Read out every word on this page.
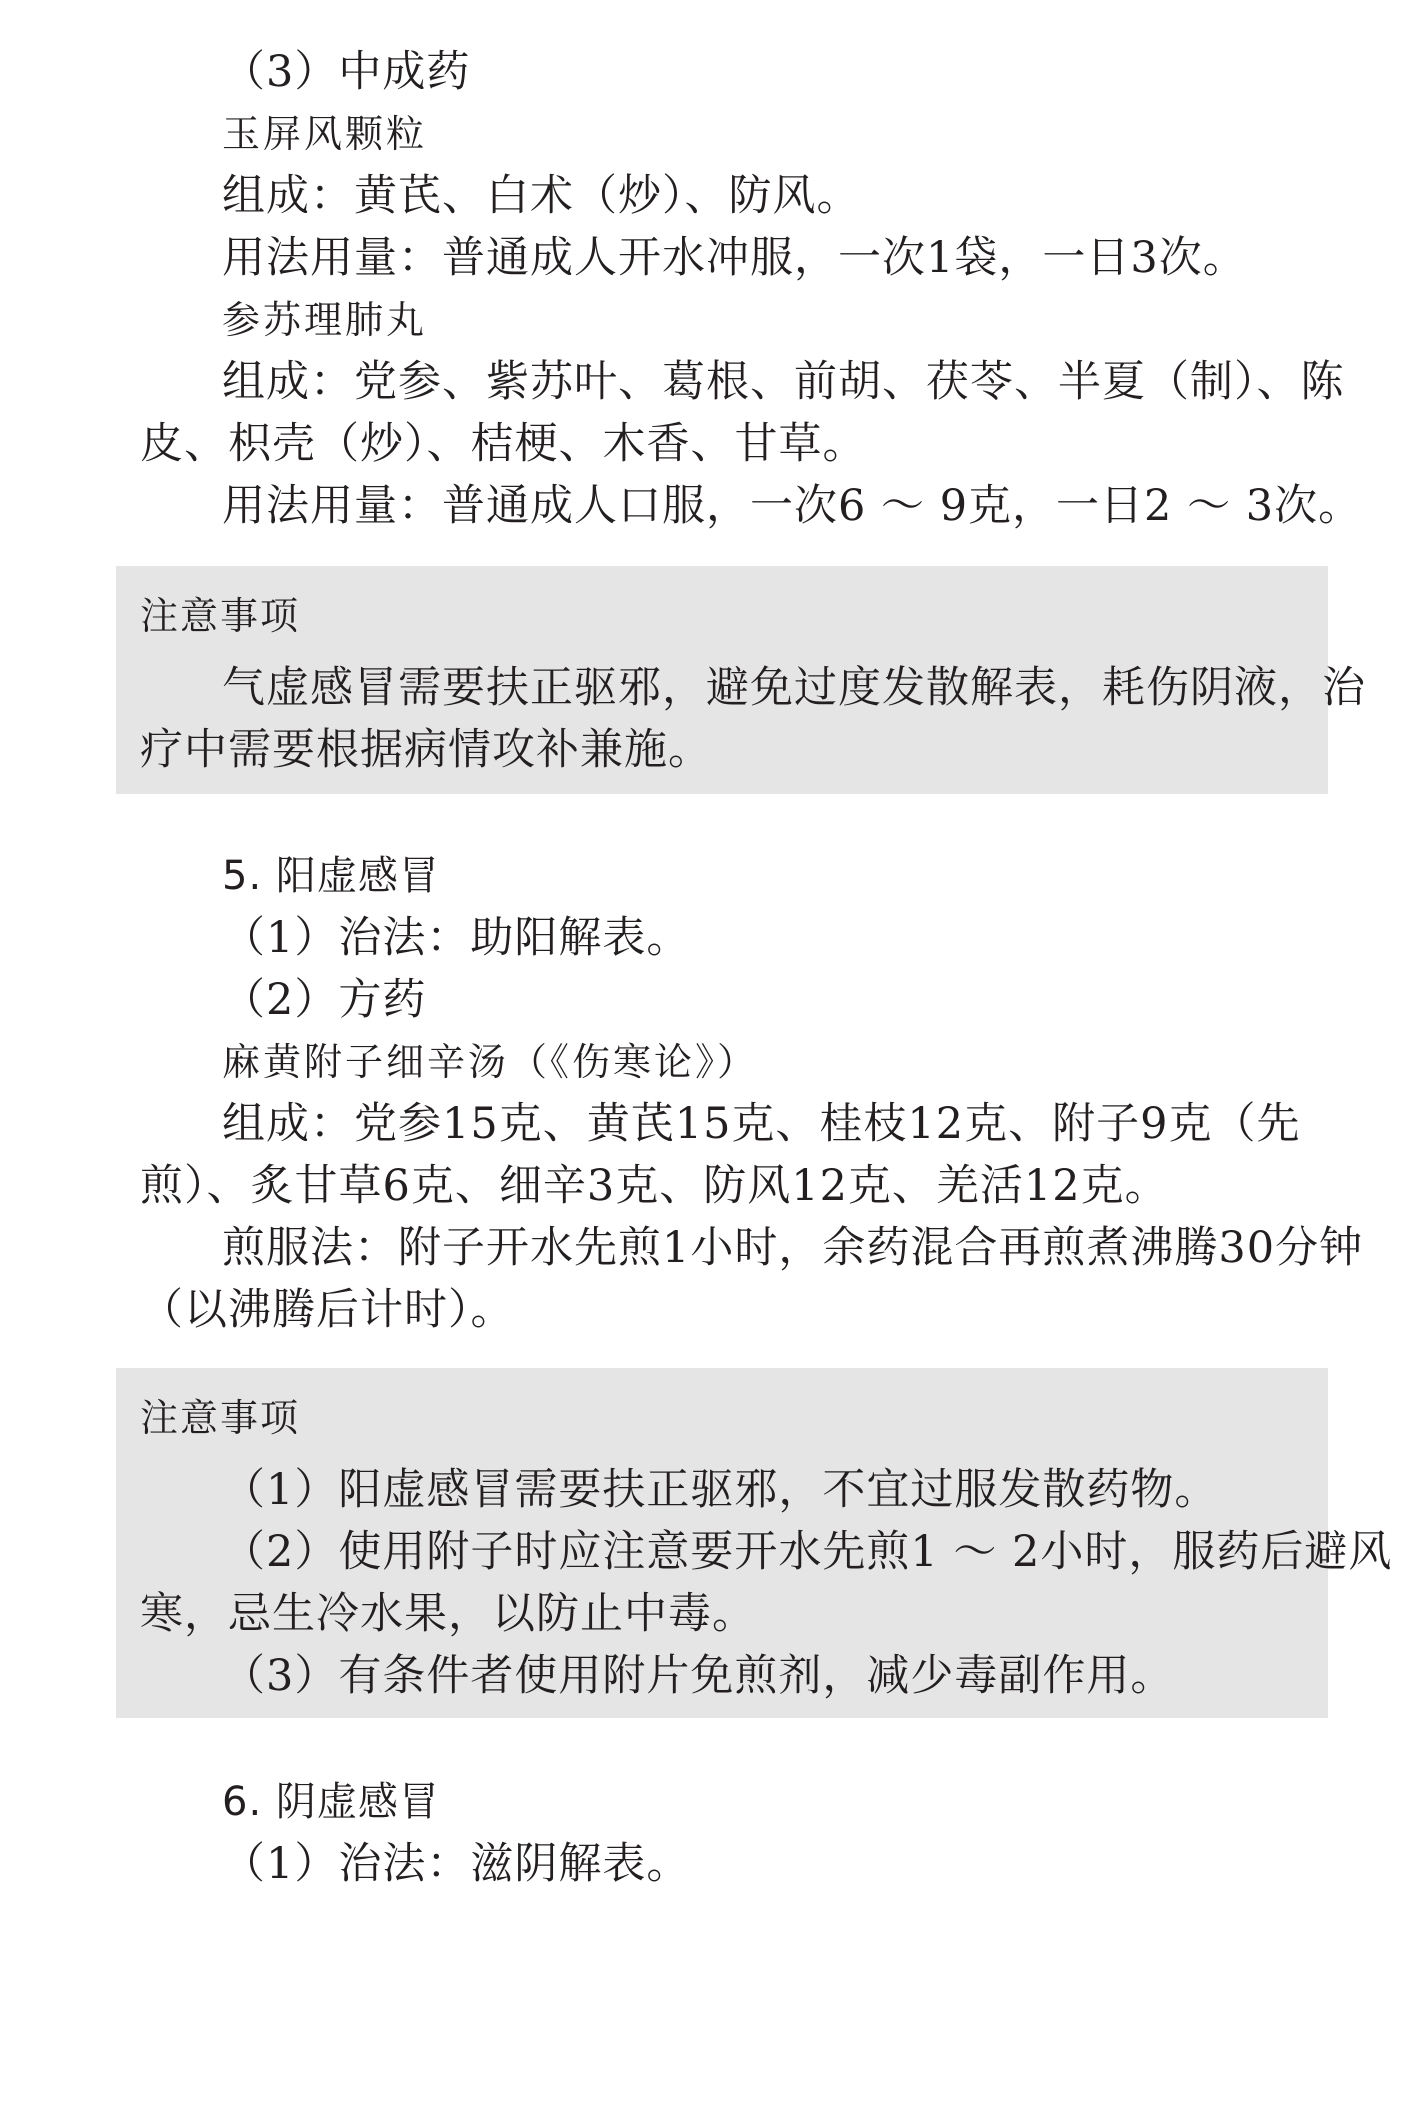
（3）中成药
玉屏风颗粒
组成：黄芪、白术（炒）、防风。
用法用量：普通成人开水冲服，一次1袋，一日3次。
参苏理肺丸
组成：党参、紫苏叶、葛根、前胡、茯苓、半夏（制）、陈
皮、枳壳（炒）、桔梗、木香、甘草。
用法用量：普通成人口服，一次6 ～ 9克，一日2 ～ 3次。
注意事项
气虚感冒需要扶正驱邪，避免过度发散解表，耗伤阴液，治
疗中需要根据病情攻补兼施。
5. 阳虚感冒
（1）治法：助阳解表。
（2）方药
麻黄附子细辛汤（《伤寒论》）
组成：党参15克、黄芪15克、桂枝12克、附子9克（先
煎）、炙甘草6克、细辛3克、防风12克、羌活12克。
煎服法：附子开水先煎1小时，余药混合再煎煮沸腾30分钟
（以沸腾后计时）。
注意事项
（1）阳虚感冒需要扶正驱邪，不宜过服发散药物。
（2）使用附子时应注意要开水先煎1 ～ 2小时，服药后避风
寒，忌生冷水果，以防止中毒。
（3）有条件者使用附片免煎剂，减少毒副作用。
6. 阴虚感冒
（1）治法：滋阴解表。
